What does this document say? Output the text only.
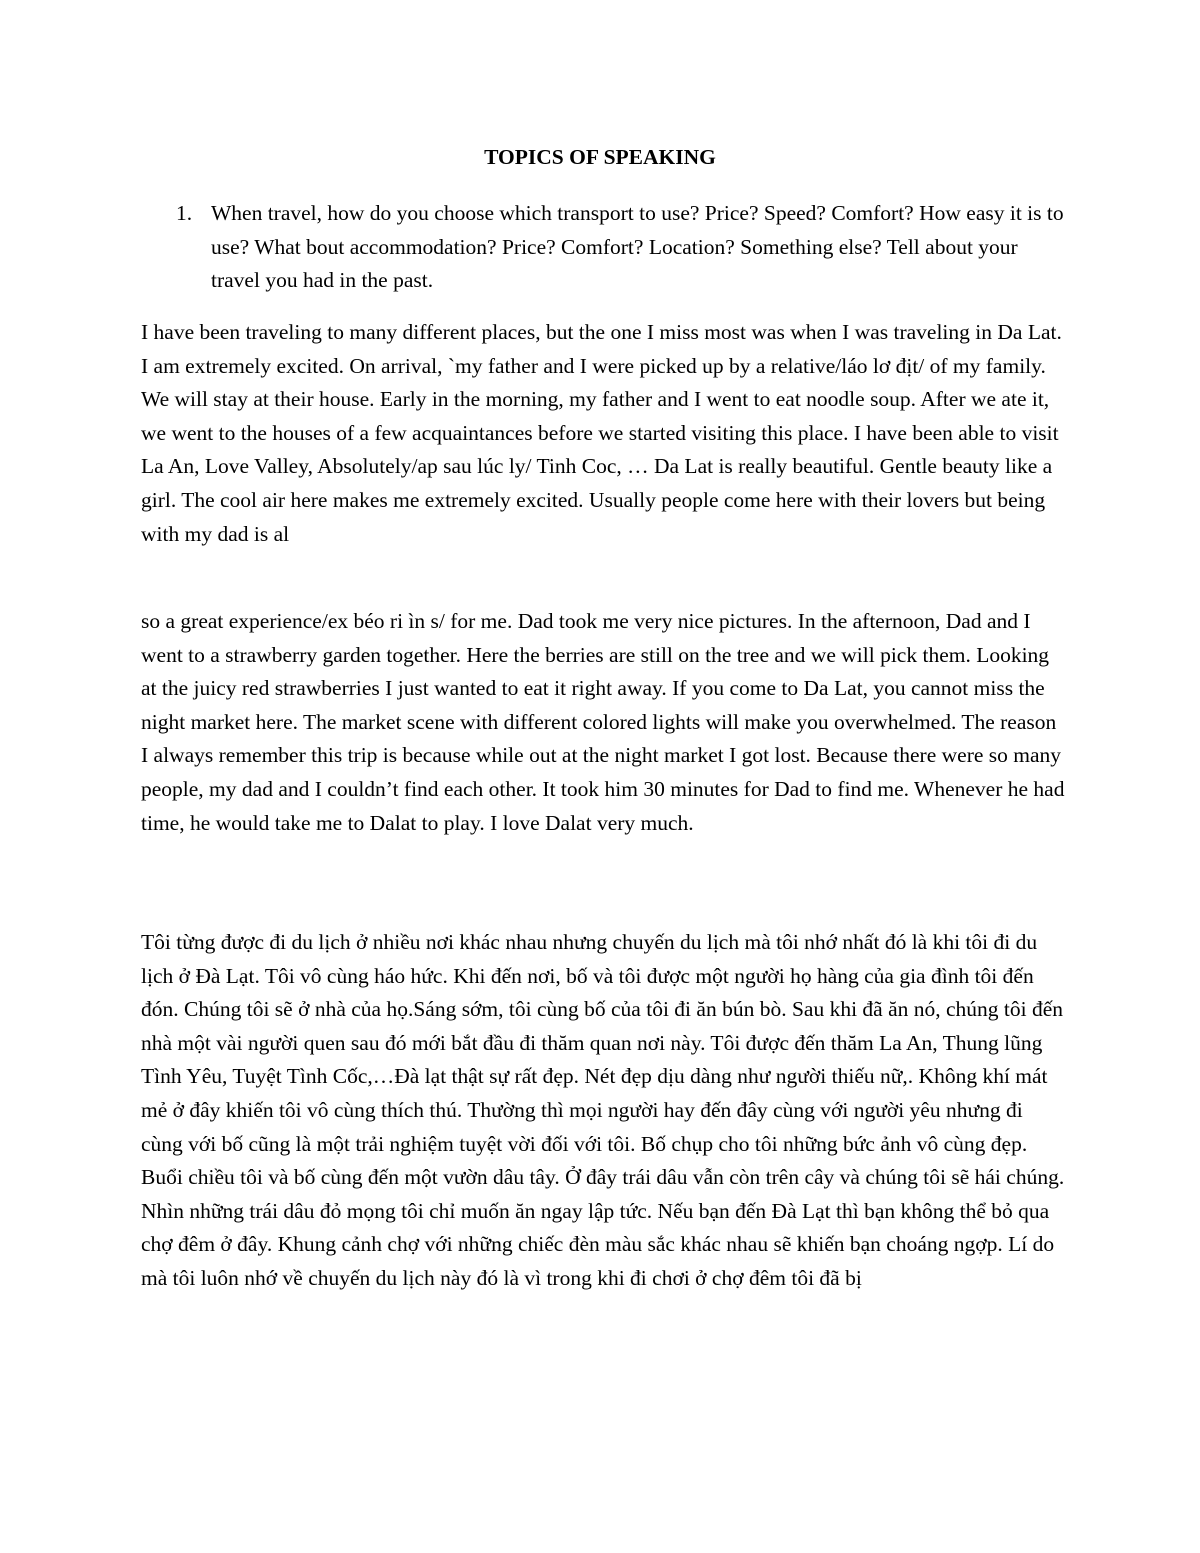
TOPICS OF SPEAKING
1. When travel, how do you choose which transport to use? Price? Speed? Comfort? How easy it is to use? What bout accommodation? Price? Comfort? Location? Something else? Tell about your travel you had in the past.

I have been traveling to many different places, but the one I miss most was when I was traveling in Da Lat. I am extremely excited. On arrival, `my father and I were picked up by a relative/láo lơ địt/ of my family. We will stay at their house. Early in the morning, my father and I went to eat noodle soup. After we ate it, we went to the houses of a few acquaintances before we started visiting this place. I have been able to visit La An, Love Valley, Absolutely/ap sau lúc ly/ Tinh Coc, … Da Lat is really beautiful. Gentle beauty like a girl. The cool air here makes me extremely excited. Usually people come here with their lovers but being with my dad is al

so a great experience/ex béo ri ìn s/ for me. Dad took me very nice pictures. In the afternoon, Dad and I went to a strawberry garden together. Here the berries are still on the tree and we will pick them. Looking at the juicy red strawberries I just wanted to eat it right away. If you come to Da Lat, you cannot miss the night market here. The market scene with different colored lights will make you overwhelmed. The reason I always remember this trip is because while out at the night market I got lost. Because there were so many people, my dad and I couldn’t find each other. It took him 30 minutes for Dad to find me. Whenever he had time, he would take me to Dalat to play. I love Dalat very much.

Tôi từng được đi du lịch ở nhiều nơi khác nhau nhưng chuyến du lịch mà tôi nhớ nhất đó là khi tôi đi du lịch ở Đà Lạt. Tôi vô cùng háo hức. Khi đến nơi, bố và tôi được một người họ hàng của gia đình tôi đến đón. Chúng tôi sẽ ở nhà của họ.Sáng sớm, tôi cùng bố của tôi đi ăn bún bò. Sau khi đã ăn nó, chúng tôi đến nhà một vài người quen sau đó mới bắt đầu đi thăm quan nơi này. Tôi được đến thăm La An, Thung lũng Tình Yêu, Tuyệt Tình Cốc,…Đà lạt thật sự rất đẹp. Nét đẹp dịu dàng như người thiếu nữ,. Không khí mát mẻ ở đây khiến tôi vô cùng thích thú. Thường thì mọi người hay đến đây cùng với người yêu nhưng đi cùng với bố cũng là một trải nghiệm tuyệt vời đối với tôi. Bố chụp cho tôi những bức ảnh vô cùng đẹp. Buổi chiều tôi và bố cùng đến một vườn dâu tây. Ở đây trái dâu vẫn còn trên cây và chúng tôi sẽ hái chúng. Nhìn những trái dâu đỏ mọng tôi chỉ muốn ăn ngay lập tức. Nếu bạn đến Đà Lạt thì bạn không thể bỏ qua chợ đêm ở đây. Khung cảnh chợ với những chiếc đèn màu sắc khác nhau sẽ khiến bạn choáng ngợp. Lí do mà tôi luôn nhớ về chuyến du lịch này đó là vì trong khi đi chơi ở chợ đêm tôi đã bị
